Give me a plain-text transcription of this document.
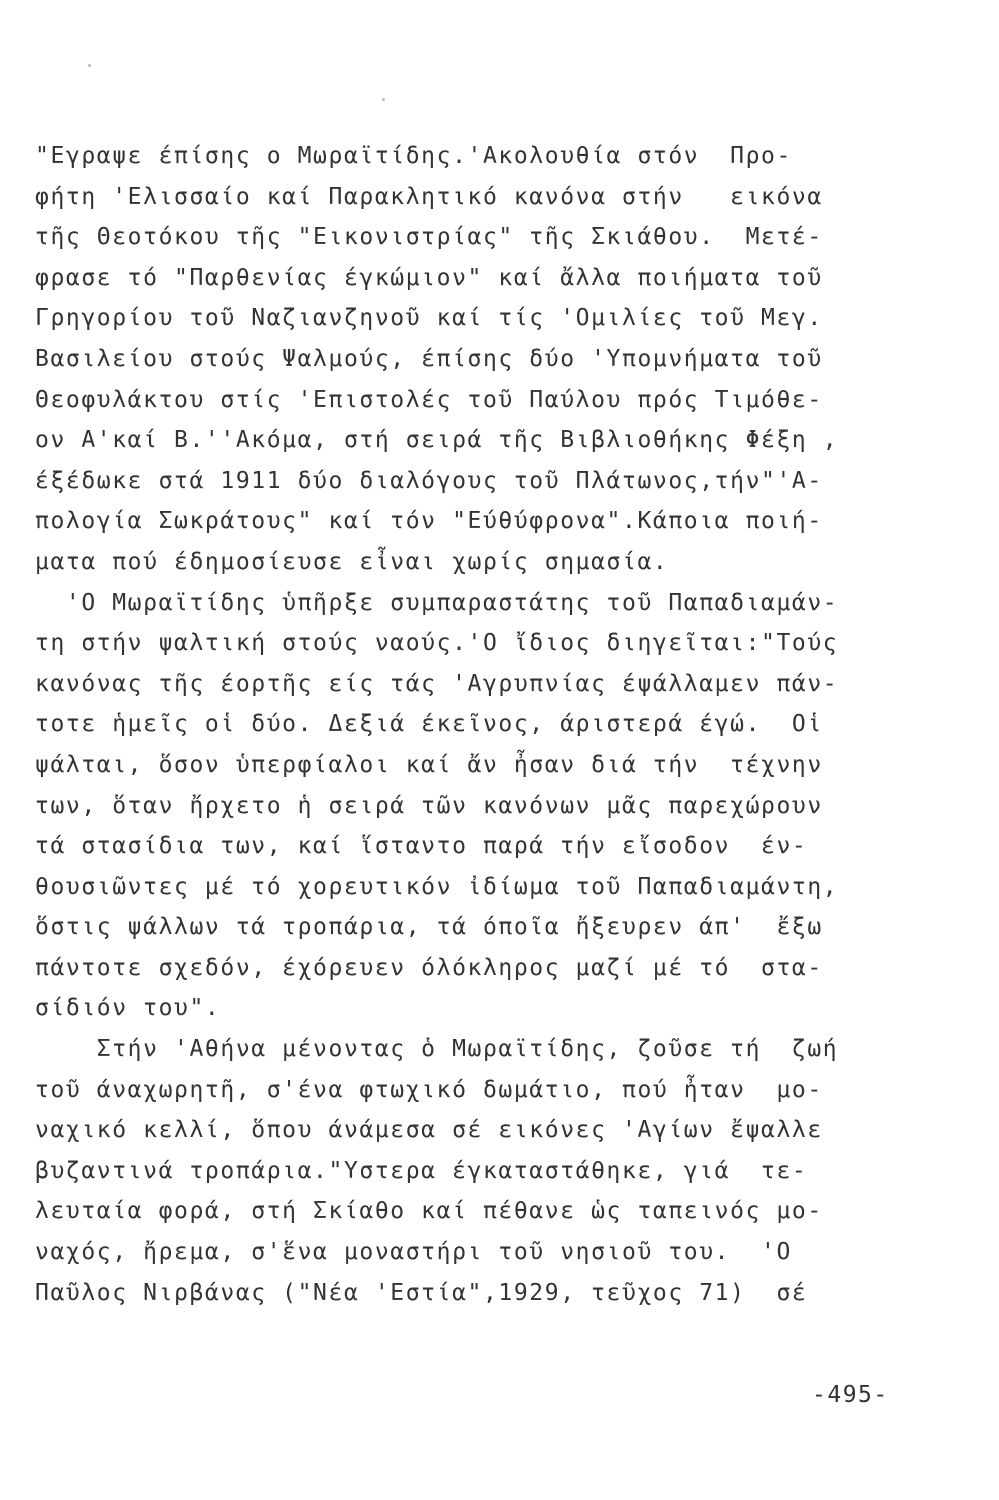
"Εγραψε έπίσης ο Μωραϊτίδης.'Ακολουθία στόν  Προ-
φήτη 'Ελισσαίο καί Παρακλητικό κανόνα στήν   εικόνα
τῆς Θεοτόκου τῆς "Εικονιστρίας" τῆς Σκιάθου.  Μετέ-
φρασε τό "Παρθενίας έγκώμιον" καί ἄλλα ποιήματα τοῦ
Γρηγορίου τοῦ Ναζιανζηνοῦ καί τίς 'Ομιλίες τοῦ Μεγ.
Βασιλείου στούς Ψαλμούς, έπίσης δύο 'Υπομνήματα τοῦ
Θεοφυλάκτου στίς 'Επιστολές τοῦ Παύλου πρός Τιμόθε-
ον Α'καί Β.''Ακόμα, στή σειρά τῆς Βιβλιοθήκης Φέξη ,
έξέδωκε στά 1911 δύο διαλόγους τοῦ Πλάτωνος,τήν"'Α-
πολογία Σωκράτους" καί τόν "Εύθύφρονα".Κάποια ποιή-
ματα πού έδημοσίευσε εἶναι χωρίς σημασία.
'Ο Μωραϊτίδης ὑπῆρξε συμπαραστάτης τοῦ Παπαδιαμάν-
τη στήν ψαλτική στούς ναούς.'Ο ἴδιος διηγεῖται:"Τούς
κανόνας τῆς έορτῆς είς τάς 'Αγρυπνίας έψάλλαμεν πάν-
τοτε ἡμεῖς οἱ δύο. Δεξιά έκεῖνος, άριστερά έγώ.  Οἱ
ψάλται, ὅσον ὑπερφίαλοι καί ἄν ἦσαν διά τήν  τέχνην
των, ὅταν ἤρχετο ἡ σειρά τῶν κανόνων μᾶς παρεχώρουν
τά στασίδια των, καί ἵσταντο παρά τήν εἴσοδον  έν-
θουσιῶντες μέ τό χορευτικόν ἰδίωμα τοῦ Παπαδιαμάντη,
ὅστις ψάλλων τά τροπάρια, τά όποῖα ἤξευρεν άπ'  ἔξω
πάντοτε σχεδόν, έχόρευεν όλόκληρος μαζί μέ τό  στα-
σίδιόν του".
Στήν 'Αθήνα μένοντας ὁ Μωραϊτίδης, ζοῦσε τή  ζωή
τοῦ άναχωρητῆ, σ'ένα φτωχικό δωμάτιο, πού ἦταν  μο-
ναχικό κελλί, ὅπου άνάμεσα σέ εικόνες 'Αγίων ἔψαλλε
βυζαντινά τροπάρια."Υστερα έγκαταστάθηκε, γιά  τε-
λευταία φορά, στή Σκίαθο καί πέθανε ὡς ταπεινός μο-
ναχός, ἤρεμα, σ'ἕνα μοναστήρι τοῦ νησιοῦ του.  'Ο
Παῦλος Νιρβάνας ("Νέα 'Εστία",1929, τεῦχος 71)  σέ
-495-
